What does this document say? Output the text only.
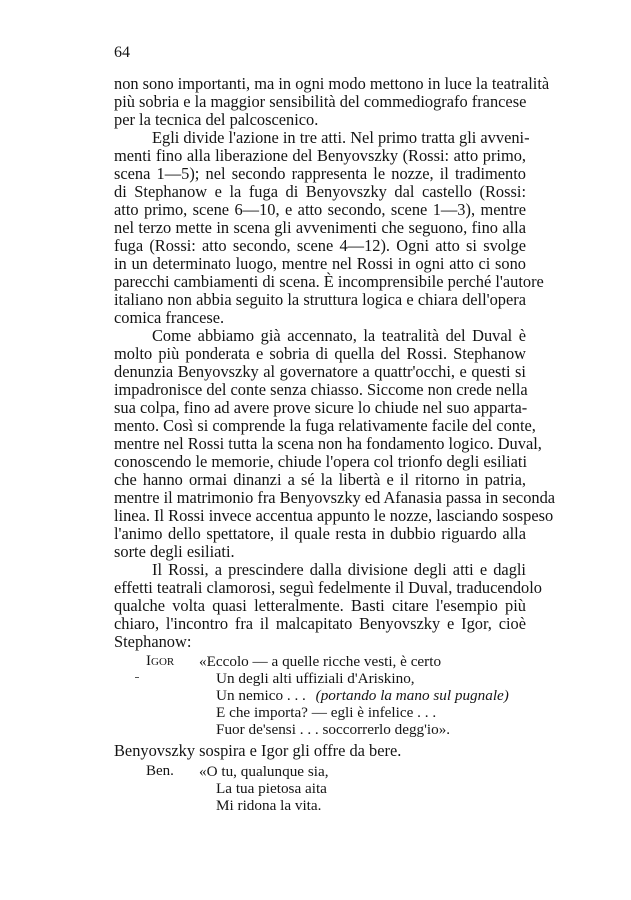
64
non sono importanti, ma in ogni modo mettono in luce la teatralità
più sobria e la maggior sensibilità del commediografo francese
per la tecnica del palcoscenico.
Egli divide l'azione in tre atti. Nel primo tratta gli avveni-
menti fino alla liberazione del Benyovszky (Rossi: atto primo,
scena 1—5); nel secondo rappresenta le nozze, il tradimento
di Stephanow e la fuga di Benyovszky dal castello (Rossi:
atto primo, scene 6—10, e atto secondo, scene 1—3), mentre
nel terzo mette in scena gli avvenimenti che seguono, fino alla
fuga (Rossi: atto secondo, scene 4—12). Ogni atto si svolge
in un determinato luogo, mentre nel Rossi in ogni atto ci sono
parecchi cambiamenti di scena. È incomprensibile perché l'autore
italiano non abbia seguito la struttura logica e chiara dell'opera
comica francese.
Come abbiamo già accennato, la teatralità del Duval è
molto più ponderata e sobria di quella del Rossi. Stephanow
denunzia Benyovszky al governatore a quattr'occhi, e questi si
impadronisce del conte senza chiasso. Siccome non crede nella
sua colpa, fino ad avere prove sicure lo chiude nel suo apparta-
mento. Così si comprende la fuga relativamente facile del conte,
mentre nel Rossi tutta la scena non ha fondamento logico. Duval,
conoscendo le memorie, chiude l'opera col trionfo degli esiliati
che hanno ormai dinanzi a sé la libertà e il ritorno in patria,
mentre il matrimonio fra Benyovszky ed Afanasia passa in seconda
linea. Il Rossi invece accentua appunto le nozze, lasciando sospeso
l'animo dello spettatore, il quale resta in dubbio riguardo alla
sorte degli esiliati.
Il Rossi, a prescindere dalla divisione degli atti e dagli
effetti teatrali clamorosi, seguì fedelmente il Duval, traducendolo
qualche volta quasi letteralmente. Basti citare l'esempio più
chiaro, l'incontro fra il malcapitato Benyovszky e Igor, cioè
Stephanow:
Igor «Eccolo — a quelle ricche vesti, è certo
Un degli alti uffiziali d'Ariskino,
Un nemico . . . (portando la mano sul pugnale)
E che importa? — egli è infelice . . .
Fuor de'sensi . . . soccorrerlo degg'io».
Benyovszky sospira e Igor gli offre da bere.
Ben. «O tu, qualunque sia,
La tua pietosa aita
Mi ridona la vita.
